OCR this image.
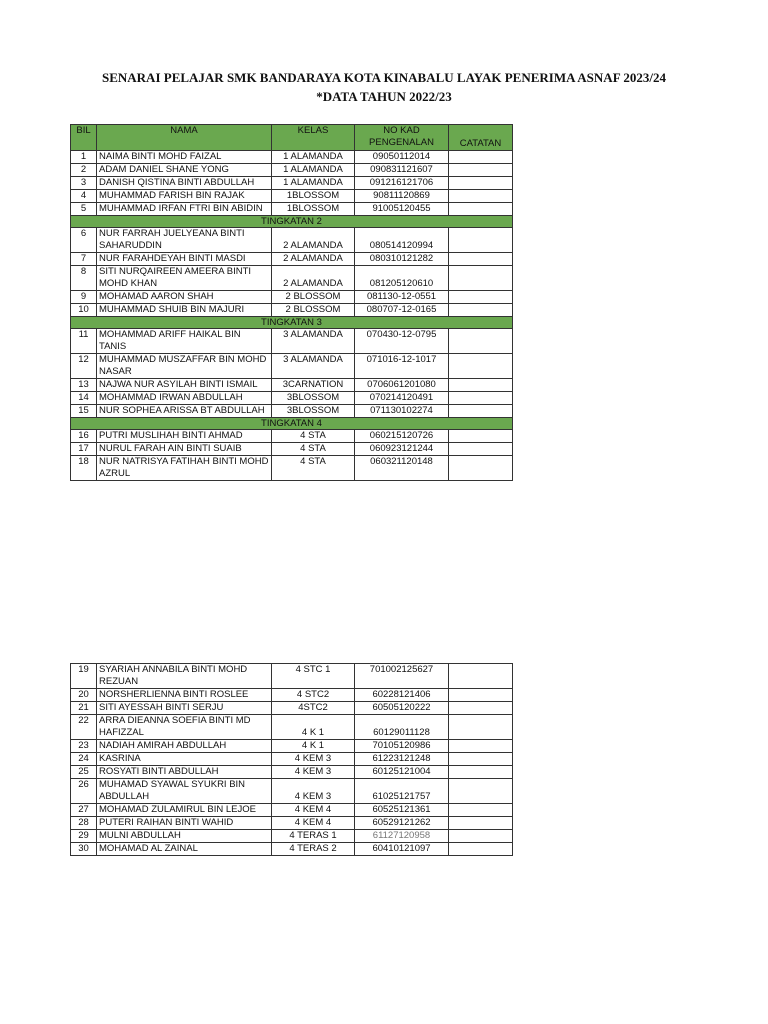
SENARAI PELAJAR SMK BANDARAYA KOTA KINABALU LAYAK PENERIMA ASNAF 2023/24
*DATA TAHUN 2022/23
BIL	NAMA	KELAS	NO KAD PENGENALAN	CATATAN
1	NAIMA BINTI MOHD FAIZAL	1 ALAMANDA	09050112014	
2	ADAM DANIEL SHANE YONG	1 ALAMANDA	090831121607	
3	DANISH QISTINA BINTI ABDULLAH	1 ALAMANDA	091216121706	
4	MUHAMMAD FARISH BIN RAJAK	1BLOSSOM	90811120869	
5	MUHAMMAD IRFAN FTRI BIN ABIDIN	1BLOSSOM	91005120455	
TINGKATAN 2				
6	NUR FARRAH JUELYEANA BINTI SAHARUDDIN	2 ALAMANDA	080514120994	
7	NUR FARAHDEYAH BINTI MASDI	2 ALAMANDA	080310121282	
8	SITI NURQAIREEN AMEERA BINTI MOHD KHAN	2 ALAMANDA	081205120610	
9	MOHAMAD AARON SHAH	2 BLOSSOM	081130-12-0551	
10	MUHAMMAD SHUIB BIN MAJURI	2 BLOSSOM	080707-12-0165	
TINGKATAN 3				
11	MOHAMMAD ARIFF HAIKAL BIN TANIS	3 ALAMANDA	070430-12-0795	
12	MUHAMMAD MUSZAFFAR BIN MOHD NASAR	3 ALAMANDA	071016-12-1017	
13	NAJWA NUR ASYILAH BINTI ISMAIL	3CARNATION	0706061201080	
14	MOHAMMAD IRWAN ABDULLAH	3BLOSSOM	070214120491	
15	NUR SOPHEA ARISSA BT ABDULLAH	3BLOSSOM	071130102274	
TINGKATAN 4				
16	PUTRI MUSLIHAH BINTI AHMAD	4 STA	060215120726	
17	NURUL FARAH AIN BINTI SUAIB	4 STA	060923121244	
18	NUR NATRISYA FATIHAH BINTI MOHD AZRUL	4 STA	060321120148	
19	SYARIAH ANNABILA BINTI MOHD REZUAN	4 STC 1	701002125627	
20	NORSHERLIENNA BINTI ROSLEE	4 STC2	60228121406	
21	SITI AYESSAH BINTI SERJU	4STC2	60505120222	
22	ARRA DIEANNA SOEFIA BINTI MD HAFIZZAL	4 K 1	60129011128	
23	NADIAH AMIRAH ABDULLAH	4 K 1	70105120986	
24	KASRINA	4 KEM 3	61223121248	
25	ROSYATI BINTI ABDULLAH	4 KEM 3	60125121004	
26	MUHAMAD SYAWAL SYUKRI BIN ABDULLAH	4 KEM 3	61025121757	
27	MOHAMAD ZULAMIRUL BIN LEJOE	4 KEM 4	60525121361	
28	PUTERI RAIHAN BINTI WAHID	4 KEM 4	60529121262	
29	MULNI ABDULLAH	4 TERAS 1	61127120958	
30	MOHAMAD AL ZAINAL	4 TERAS 2	60410121097	
